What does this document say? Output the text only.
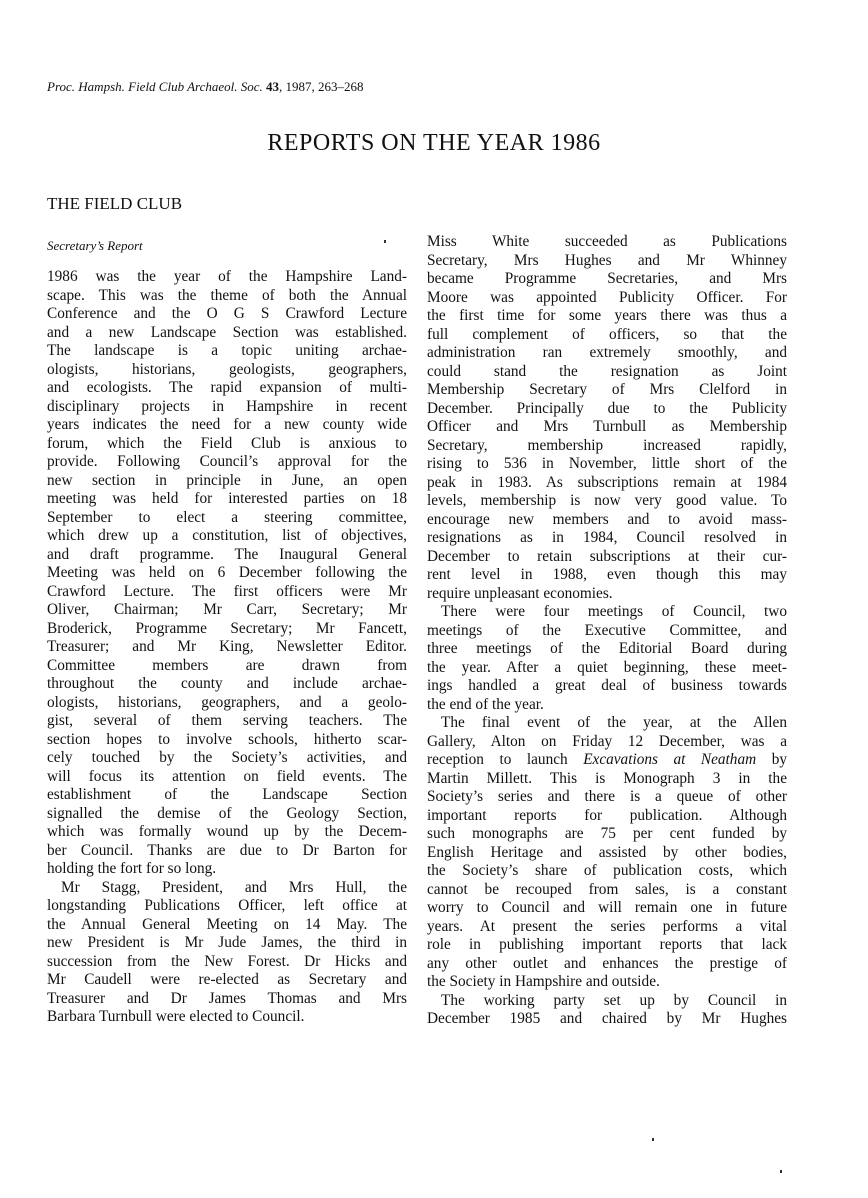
Proc. Hampsh. Field Club Archaeol. Soc. 43, 1987, 263–268
REPORTS ON THE YEAR 1986
THE FIELD CLUB
Secretary’s Report
1986 was the year of the Hampshire Land-
scape. This was the theme of both the Annual
Conference and the O G S Crawford Lecture
and a new Landscape Section was established.
The landscape is a topic uniting archae-
ologists, historians, geologists, geographers,
and ecologists. The rapid expansion of multi-
disciplinary projects in Hampshire in recent
years indicates the need for a new county wide
forum, which the Field Club is anxious to
provide. Following Council’s approval for the
new section in principle in June, an open
meeting was held for interested parties on 18
September to elect a steering committee,
which drew up a constitution, list of objectives,
and draft programme. The Inaugural General
Meeting was held on 6 December following the
Crawford Lecture. The first officers were Mr
Oliver, Chairman; Mr Carr, Secretary; Mr
Broderick, Programme Secretary; Mr Fancett,
Treasurer; and Mr King, Newsletter Editor.
Committee members are drawn from
throughout the county and include archae-
ologists, historians, geographers, and a geolo-
gist, several of them serving teachers. The
section hopes to involve schools, hitherto scar-
cely touched by the Society’s activities, and
will focus its attention on field events. The
establishment of the Landscape Section
signalled the demise of the Geology Section,
which was formally wound up by the Decem-
ber Council. Thanks are due to Dr Barton for
holding the fort for so long.
Mr Stagg, President, and Mrs Hull, the
longstanding Publications Officer, left office at
the Annual General Meeting on 14 May. The
new President is Mr Jude James, the third in
succession from the New Forest. Dr Hicks and
Mr Caudell were re-elected as Secretary and
Treasurer and Dr James Thomas and Mrs
Barbara Turnbull were elected to Council.
Miss White succeeded as Publications
Secretary, Mrs Hughes and Mr Whinney
became Programme Secretaries, and Mrs
Moore was appointed Publicity Officer. For
the first time for some years there was thus a
full complement of officers, so that the
administration ran extremely smoothly, and
could stand the resignation as Joint
Membership Secretary of Mrs Clelford in
December. Principally due to the Publicity
Officer and Mrs Turnbull as Membership
Secretary, membership increased rapidly,
rising to 536 in November, little short of the
peak in 1983. As subscriptions remain at 1984
levels, membership is now very good value. To
encourage new members and to avoid mass-
resignations as in 1984, Council resolved in
December to retain subscriptions at their cur-
rent level in 1988, even though this may
require unpleasant economies.
There were four meetings of Council, two
meetings of the Executive Committee, and
three meetings of the Editorial Board during
the year. After a quiet beginning, these meet-
ings handled a great deal of business towards
the end of the year.
The final event of the year, at the Allen
Gallery, Alton on Friday 12 December, was a
reception to launch Excavations at Neatham by
Martin Millett. This is Monograph 3 in the
Society’s series and there is a queue of other
important reports for publication. Although
such monographs are 75 per cent funded by
English Heritage and assisted by other bodies,
the Society’s share of publication costs, which
cannot be recouped from sales, is a constant
worry to Council and will remain one in future
years. At present the series performs a vital
role in publishing important reports that lack
any other outlet and enhances the prestige of
the Society in Hampshire and outside.
The working party set up by Council in
December 1985 and chaired by Mr Hughes
